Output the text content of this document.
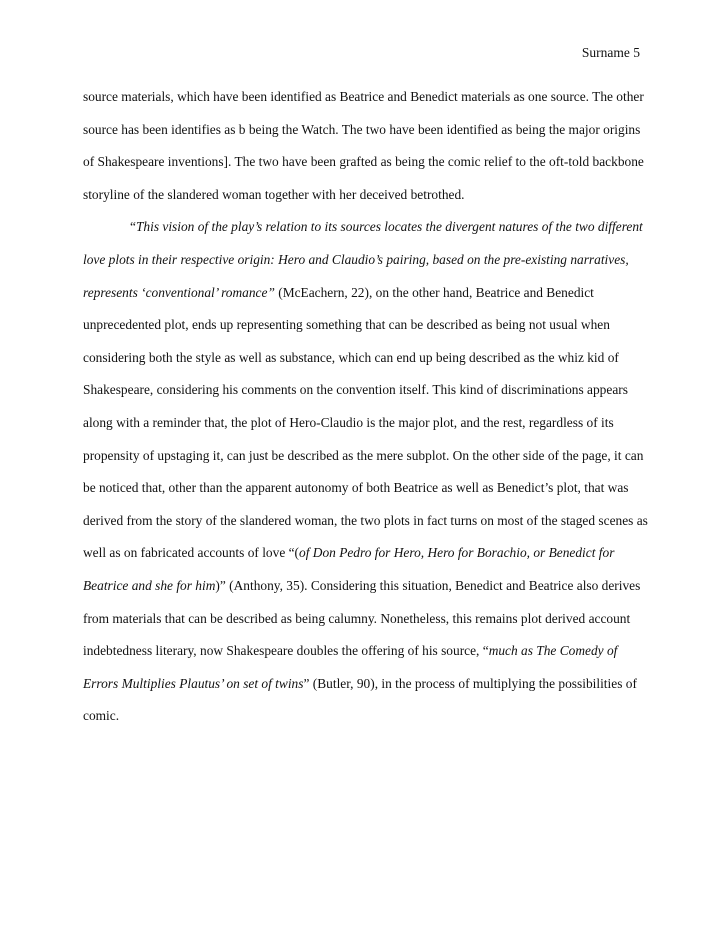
Surname 5

source materials, which have been identified as Beatrice and Benedict materials as one source. The other source has been identifies as b being the Watch. The two have been identified as being the major origins of Shakespeare inventions]. The two have been grafted as being the comic relief to the oft-told backbone storyline of the slandered woman together with her deceived betrothed.

“This vision of the play’s relation to its sources locates the divergent natures of the two different love plots in their respective origin: Hero and Claudio’s pairing, based on the pre-existing narratives, represents ‘conventional’ romance” (McEachern, 22), on the other hand, Beatrice and Benedict unprecedented plot, ends up representing something that can be described as being not usual when considering both the style as well as substance, which can end up being described as the whiz kid of Shakespeare, considering his comments on the convention itself. This kind of discriminations appears along with a reminder that, the plot of Hero-Claudio is the major plot, and the rest, regardless of its propensity of upstaging it, can just be described as the mere subplot. On the other side of the page, it can be noticed that, other than the apparent autonomy of both Beatrice as well as Benedict’s plot, that was derived from the story of the slandered woman, the two plots in fact turns on most of the staged scenes as well as on fabricated accounts of love “(of Don Pedro for Hero, Hero for Borachio, or Benedict for Beatrice and she for him)” (Anthony, 35). Considering this situation, Benedict and Beatrice also derives from materials that can be described as being calumny. Nonetheless, this remains plot derived account indebtedness literary, now Shakespeare doubles the offering of his source, “much as The Comedy of Errors Multiplies Plautus’ on set of twins” (Butler, 90), in the process of multiplying the possibilities of comic.
